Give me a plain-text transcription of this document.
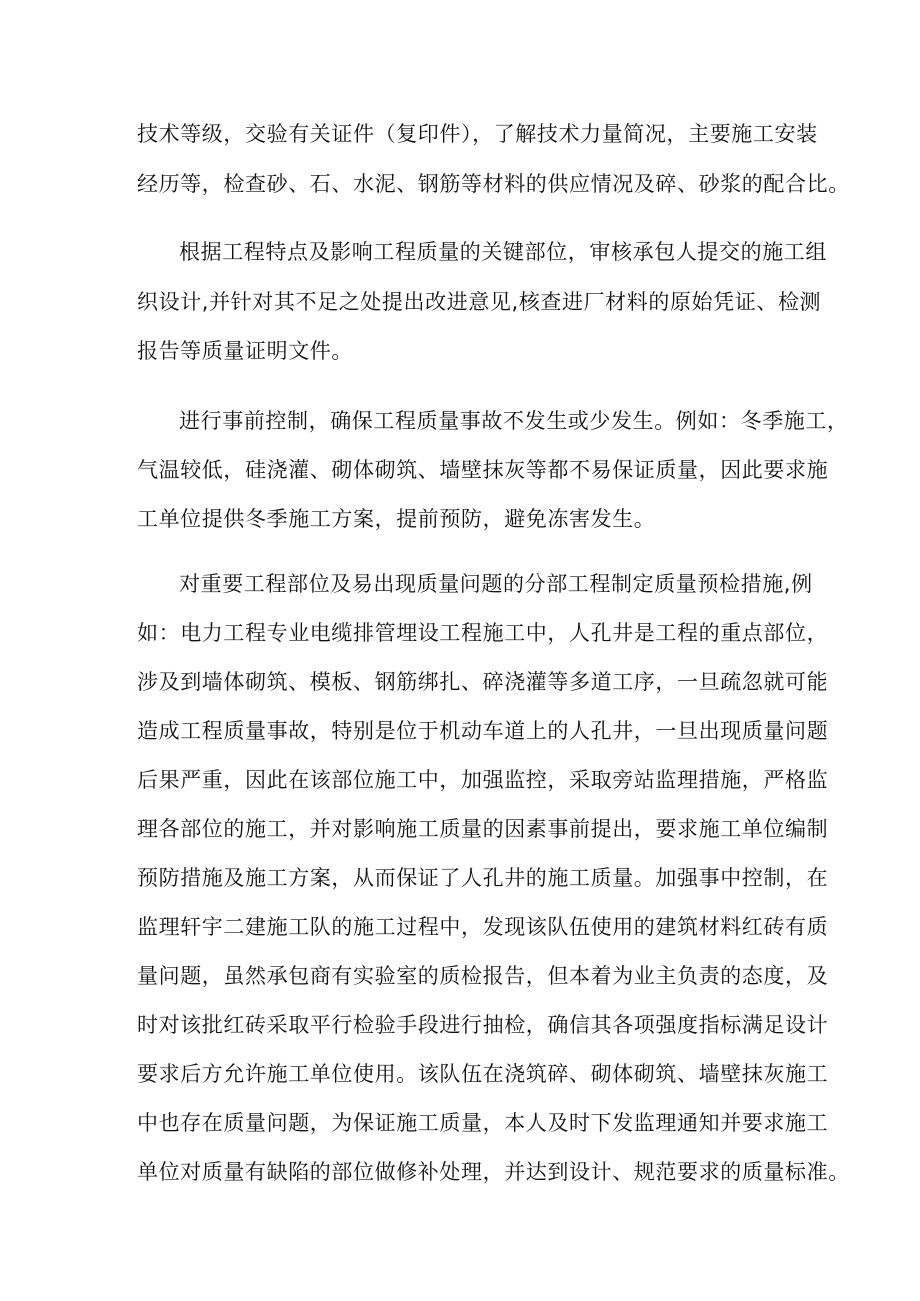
技术等级，交验有关证件（复印件），了解技术力量简况，主要施工安装
经历等，检查砂、石、水泥、钢筋等材料的供应情况及碎、砂浆的配合比。
根据工程特点及影响工程质量的关键部位，审核承包人提交的施工组
织设计,并针对其不足之处提出改进意见,核查进厂材料的原始凭证、检测
报告等质量证明文件。
进行事前控制，确保工程质量事故不发生或少发生。例如：冬季施工，
气温较低，硅浇灌、砌体砌筑、墙壁抹灰等都不易保证质量，因此要求施
工单位提供冬季施工方案，提前预防，避免冻害发生。
对重要工程部位及易出现质量问题的分部工程制定质量预检措施,例
如：电力工程专业电缆排管埋设工程施工中，人孔井是工程的重点部位，
涉及到墙体砌筑、模板、钢筋绑扎、碎浇灌等多道工序，一旦疏忽就可能
造成工程质量事故，特别是位于机动车道上的人孔井，一旦出现质量问题
后果严重，因此在该部位施工中，加强监控，采取旁站监理措施，严格监
理各部位的施工，并对影响施工质量的因素事前提出，要求施工单位编制
预防措施及施工方案，从而保证了人孔井的施工质量。加强事中控制，在
监理轩宇二建施工队的施工过程中，发现该队伍使用的建筑材料红砖有质
量问题，虽然承包商有实验室的质检报告，但本着为业主负责的态度，及
时对该批红砖采取平行检验手段进行抽检，确信其各项强度指标满足设计
要求后方允许施工单位使用。该队伍在浇筑碎、砌体砌筑、墙壁抹灰施工
中也存在质量问题，为保证施工质量，本人及时下发监理通知并要求施工
单位对质量有缺陷的部位做修补处理，并达到设计、规范要求的质量标准。
